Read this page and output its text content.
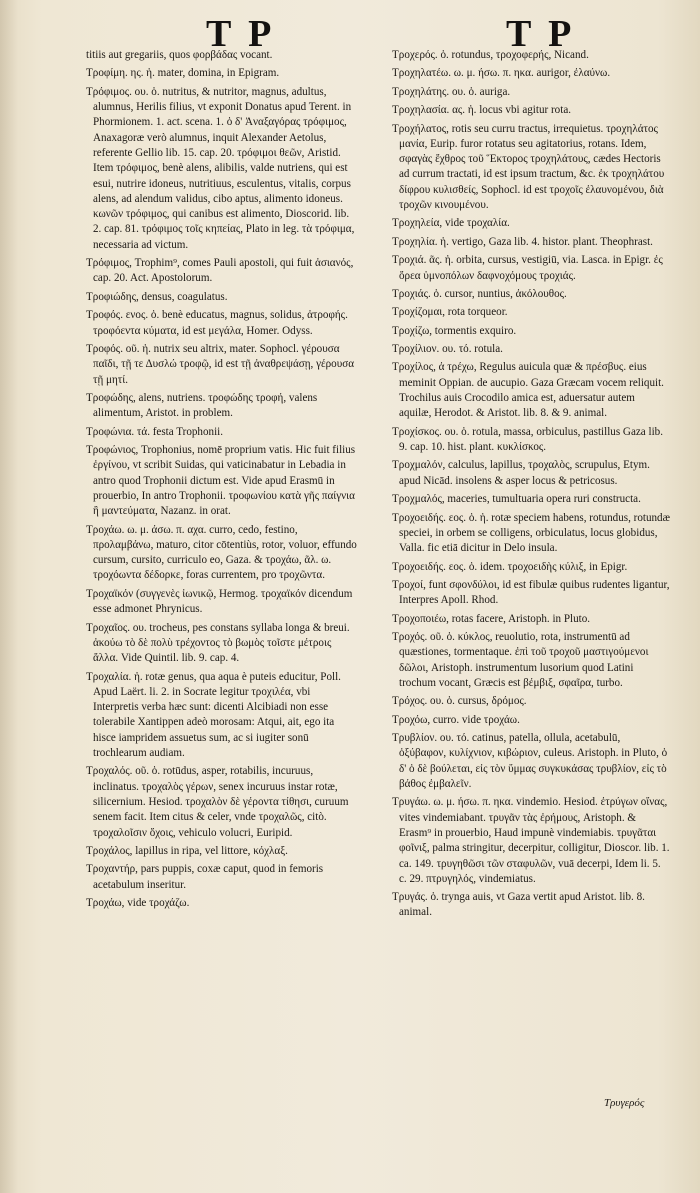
T P	T P
titiis aut gregariis, quos φορβάδας vocant.
Τροφίμη. ης. ἡ. mater, domina, in Epigram.
Τρόφιμος. ου. ὁ. nutritus, & nutritor, magnus, adultus, alumnus, Herilis filius, vt exponit Donatus apud Terent. in Phormionem. 1. act. scena. 1. ὁ δ' Ἀναξαγόρας τρόφιμος, Anaxagoræ verò alumnus, inquit Alexander Aetolus, referente Gellio lib. 15. cap. 20. τρόφιμοι θεῶν, Aristid. Item τρόφιμος, benè alens, alibilis, valde nutriens, qui est esui, nutrire idoneus, nutritiuus, esculentus, vitalis, corpus alens, ad alendum validus, cibo aptus, alimento idoneus. κωνῶν τρόφιμος, qui canibus est alimento, Dioscorid. lib. 2. cap. 81. τρόφιμος τοῖς κηπείας, Plato in leg. τὰ τρόφιμα, necessaria ad victum.
Τρόφιμος, Trophim⁹, comes Pauli apostoli, qui fuit ἀσιανός, cap. 20. Act. Apostolorum.
Τροφιώδης, densus, coagulatus.
Τροφός. ενος. ὁ. benè educatus, magnus, solidus, ἀτροφής. τροφόεντα κύματα, id est μεγάλα, Homer. Odyss.
Τροφός. οῦ. ἡ. nutrix seu altrix, mater. Sophocl. γέρουσα παῖδι, τῇ τε Δυσλώ τροφῷ, id est τῇ ἀναθρεψάσῃ, γέρουσα τῇ μητί.
Τροφώδης, alens, nutriens. τροφώδης τροφή, valens alimentum, Aristot. in problem.
Τροφώνια. τά. festa Trophonii.
Τροφώνιος, Trophonius, nomē proprium vatis. Hic fuit filius ἐργίνου, vt scribit Suidas, qui vaticinabatur in Lebadia in antro quod Trophonii dictum est. Vide apud Erasmū in prouerbio, In antro Trophonii. τροφωνίου κατὰ γῆς παίγνια ἢ μαντεύματα, Nazanz. in orat.
Τροχάω. ω. μ. άσω. π. αχα. curro, cedo, festino, προλαμβάνω, maturo, citor cōtentiùs, rotor, voluor, effundo cursum, cursito, curriculo eo, Gaza. & τροχάω, ᾶλ. ω. τροχόωντα δέδορκε, foras currentem, pro τροχῶντα.
Τροχαϊκόν (συγγενὲς ἰωνικῷ, Hermog. τροχαϊκόν dicendum esse admonet Phrynicus.
Τροχαῖος. ου. trocheus, pes constans syllaba longa & breui. ἀκούω τὸ δὲ πολὺ τρέχοντος τὸ βωμὸς τοῖστε μέτροις ἄλλα. Vide Quintil. lib. 9. cap. 4.
Τροχαλία. ἡ. rotæ genus, qua aqua è puteis educitur, Poll. Apud Laërt. li. 2. in Socrate legitur τροχιλέα, vbi Interpretis verba hæc sunt: dicenti Alcibiadi non esse tolerabile Xantippen adeò morosam: Atqui, ait, ego ita hisce iampridem assuetus sum, ac si iugiter sonū trochlearum audiam.
Τροχαλός. οῦ. ὁ. rotūdus, asper, rotabilis, incuruus, inclinatus. τροχαλὸς γέρων, senex incuruus instar rotæ, silicernium. Hesiod. τροχαλὸν δὲ γέροντα τίθησι, curuum senem facit. Item citus & celer, vnde τροχαλῶς, citò. τροχαλοῖσιν ὄχοις, vehiculo volucri, Euripid.
Τροχάλος, lapillus in ripa, vel littore, κόχλαξ.
Τροχαντήρ, pars puppis, coxæ caput, quod in femoris acetabulum inseritur.
Τροχάω, vide τροχάζω.
Τροχερός. ὁ. rotundus, τροχοφερής, Nicand.
Τροχηλατέω. ω. μ. ήσω. π. ηκα. aurigor, ἐλαύνω.
Τροχηλάτης. ου. ὁ. auriga.
Τροχηλασία. ας. ἡ. locus vbi agitur rota.
Τροχήλατος, rotis seu curru tractus, irrequietus. τροχηλάτος μανία, Eurip. furor rotatus seu agitatorius, rotans. Idem, σφαγὰς ἔχθρος τοῦ Ἕκτορος τροχηλάτους, cædes Hectoris ad currum tractati, id est ipsum tractum, &c. ἐκ τροχηλάτου δίφρου κυλισθείς, Sophocl. id est τροχοῖς ἐλαυνομένου, διὰ τροχῶν κινουμένου.
Τροχηλεία, vide τροχαλία.
Τροχηλία. ἡ. vertigo, Gaza lib. 4. histor. plant. Theophrast.
Τροχιά. ᾶς. ἡ. orbita, cursus, vestigiū, via. Lasca. in Epigr. ἐς ὄρεα ὑμνοπόλων δαφνοχόμους τροχιάς.
Τροχιάς. ὁ. cursor, nuntius, ἀκόλουθος.
Τροχίζομαι, rota torqueor.
Τροχίζω, tormentis exquiro.
Τροχίλιον. ου. τό. rotula.
Τροχίλος, ἀ τρέχω, Regulus auicula quæ & πρέσβυς. eius meminit Oppian. de aucupio. Gaza Græcam vocem reliquit. Trochilus auis Crocodilo amica est, aduersatur autem aquilæ, Herodot. & Aristot. lib. 8. & 9. animal.
Τροχίσκος. ου. ὁ. rotula, massa, orbiculus, pastillus Gaza lib. 9. cap. 10. hist. plant. κυκλίσκος.
Τροχμαλόν, calculus, lapillus, τροχαλὸς, scrupulus, Etym. apud Nicād. insolens & asper locus & petricosus.
Τροχμαλός, maceries, tumultuaria opera ruri constructa.
Τροχοειδής. εος. ὁ. ἡ. rotæ speciem habens, rotundus, rotundæ speciei, in orbem se colligens, orbiculatus, locus globidus, Valla. fic etiā dicitur in Delo insula.
Τροχοειδής. εος. ὁ. idem. τροχοειδὴς κύλιξ, in Epigr.
Τροχοί, funt σφονδύλοι, id est fibulæ quibus rudentes ligantur, Interpres Apoll. Rhod.
Τροχοποιέω, rotas facere, Aristoph. in Pluto.
Τροχός. οῦ. ὁ. κύκλος, reuolutio, rota, instrumentū ad quæstiones, tormentaque. ἐπὶ τοῦ τροχοῦ μαστιγούμενοι δῶλοι, Aristoph. instrumentum lusorium quod Latini trochum vocant, Græcis est βέμβιξ, σφαῖρα, turbo.
Τρόχος. ου. ὁ. cursus, δρόμος.
Τροχόω, curro. vide τροχάω.
Τρυβλίον. ου. τό. catinus, patella, ollula, acetabulū, ὀξύβαφον, κυλίχνιον, κιβώριον, culeus. Aristoph. in Pluto, ὁ δ' ὁ δὲ βούλεται, εἰς τὸν ὕμμας συγκυκάσας τρυβλίον, εἰς τὸ βάθος ἐμβαλεῖν.
Τρυγάω. ω. μ. ήσω. π. ηκα. vindemio. Hesiod. ἐτρύγων οἴνας, vites vindemiabant. τρυγᾶν τὰς ἐρήμους, Aristoph. & Erasm⁹ in prouerbio, Haud impunè vindemiabis. τρυγᾶται φοῖνιξ, palma stringitur, decerpitur, colligitur, Dioscor. lib. 1. ca. 149. τρυγηθῶσι τῶν σταφυλῶν, vuā decerpi, Idem li. 5. c. 29. πτρυγηλός, vindemiatus.
Τρυγάς. ὁ. trynga auis, vt Gaza vertit apud Aristot. lib. 8. animal.
Τρυγερός
